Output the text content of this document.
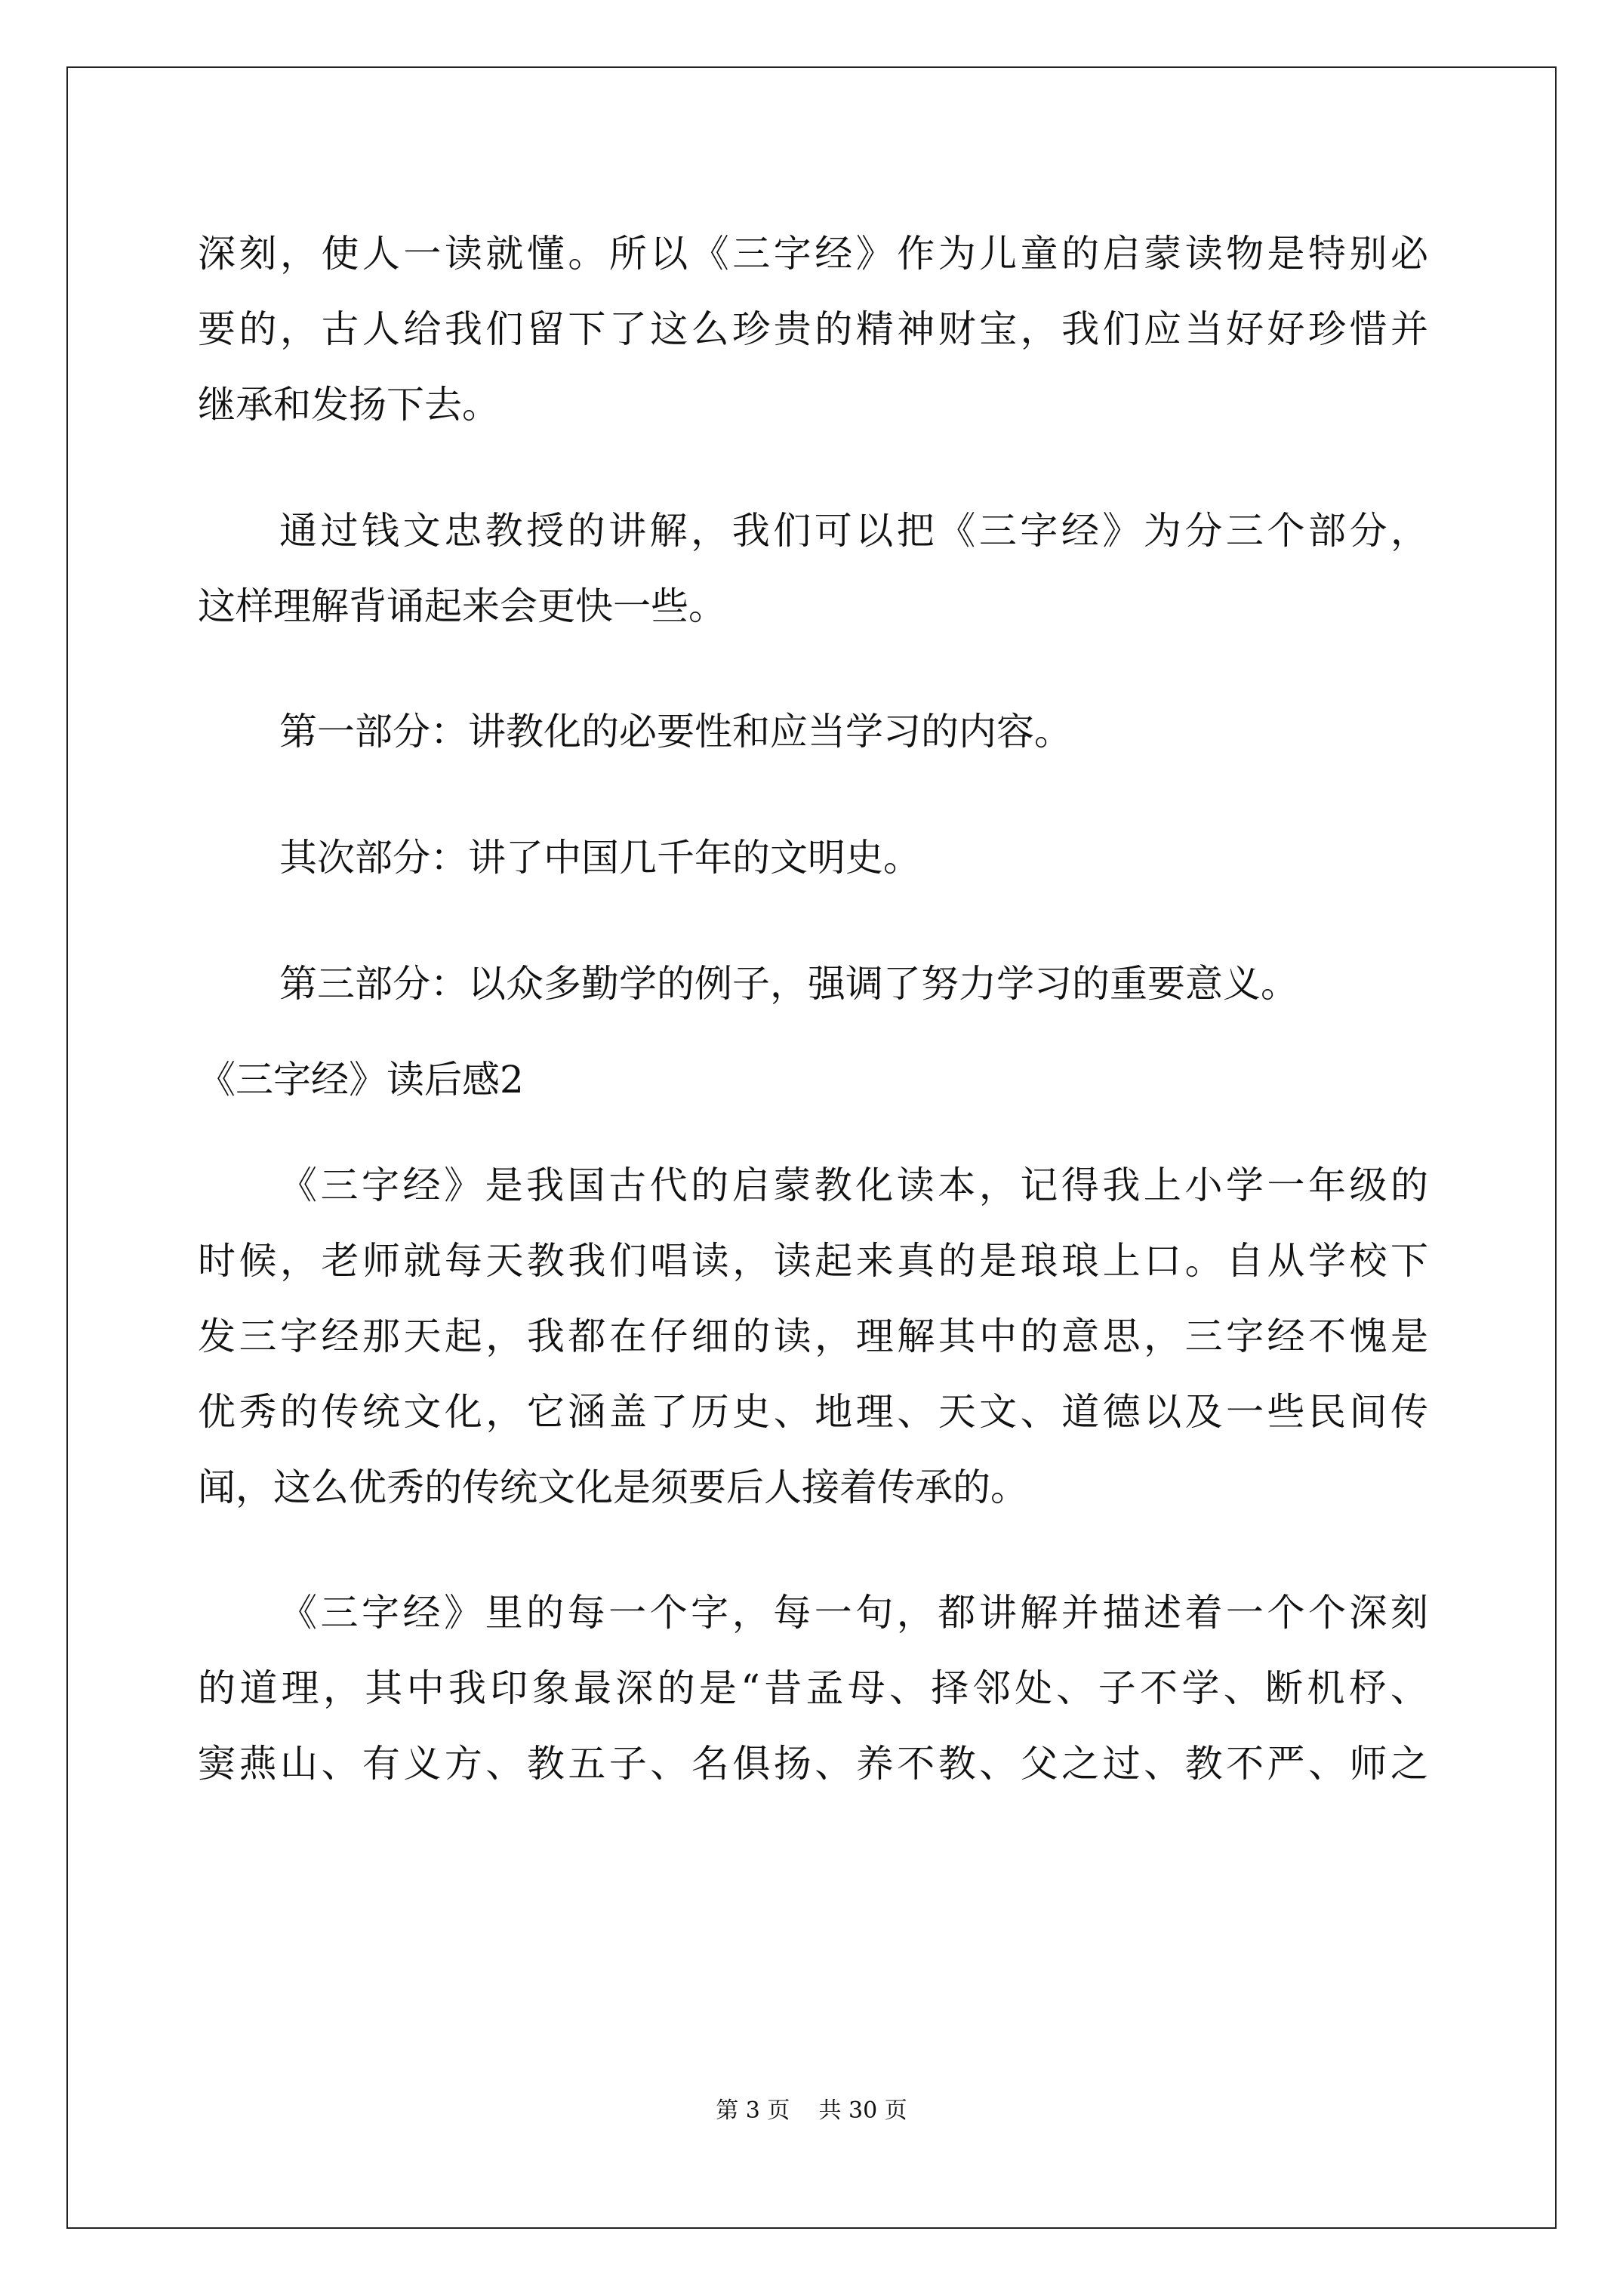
深刻，使人一读就懂。所以《三字经》作为儿童的启蒙读物是特别必
要的，古人给我们留下了这么珍贵的精神财宝，我们应当好好珍惜并
继承和发扬下去。
通过钱文忠教授的讲解，我们可以把《三字经》为分三个部分，
这样理解背诵起来会更快一些。
第一部分：讲教化的必要性和应当学习的内容。
其次部分：讲了中国几千年的文明史。
第三部分：以众多勤学的例子，强调了努力学习的重要意义。
《三字经》读后感2
《三字经》是我国古代的启蒙教化读本，记得我上小学一年级的
时候，老师就每天教我们唱读，读起来真的是琅琅上口。自从学校下
发三字经那天起，我都在仔细的读，理解其中的意思，三字经不愧是
优秀的传统文化，它涵盖了历史、地理、天文、道德以及一些民间传
闻，这么优秀的传统文化是须要后人接着传承的。
《三字经》里的每一个字，每一句，都讲解并描述着一个个深刻
的道理，其中我印象最深的是“昔孟母、择邻处、子不学、断机杼、
窦燕山、有义方、教五子、名俱扬、养不教、父之过、教不严、师之
第 3 页    共 30 页
